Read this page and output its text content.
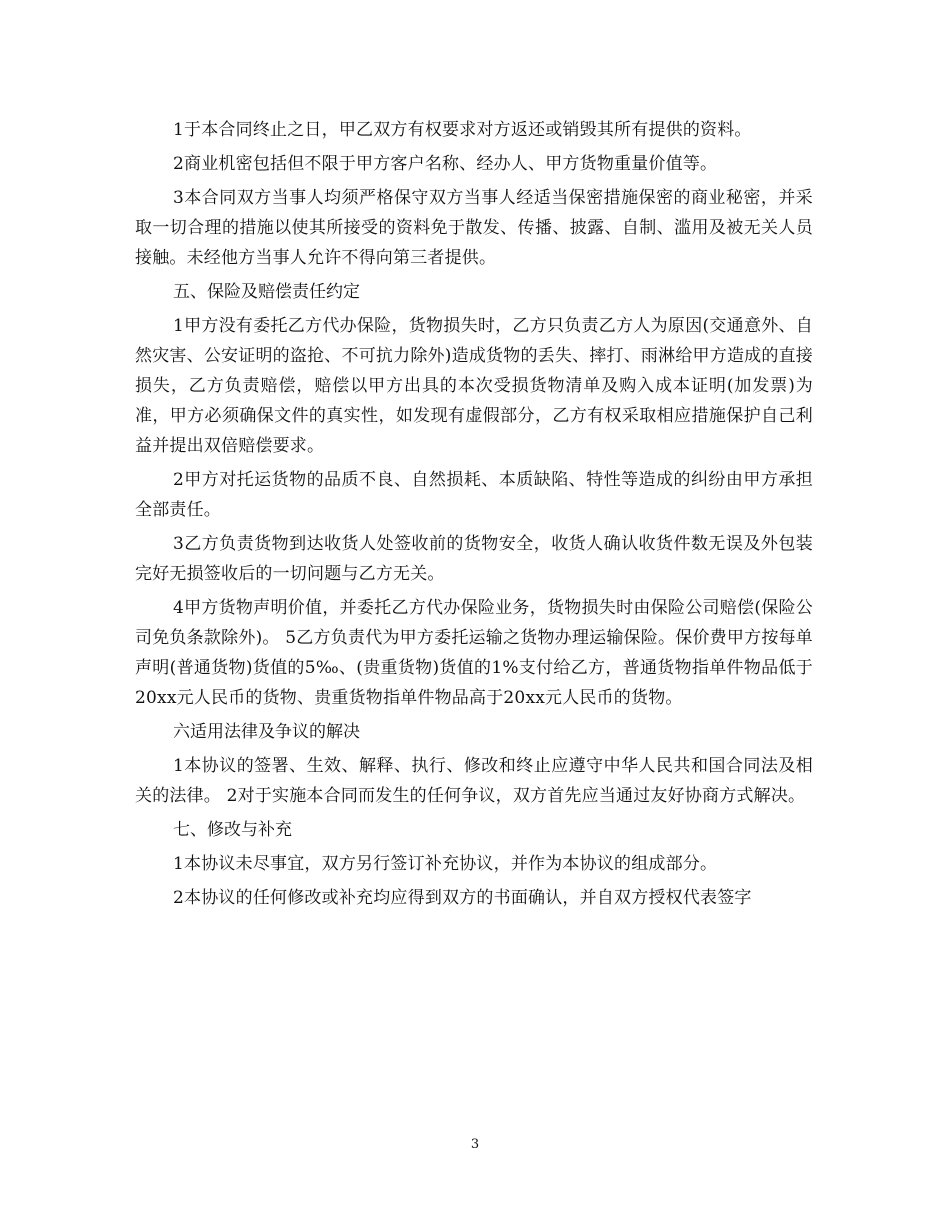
1于本合同终止之日，甲乙双方有权要求对方返还或销毁其所有提供的资料。

2商业机密包括但不限于甲方客户名称、经办人、甲方货物重量价值等。

3本合同双方当事人均须严格保守双方当事人经适当保密措施保密的商业秘密，并采取一切合理的措施以使其所接受的资料免于散发、传播、披露、自制、滥用及被无关人员接触。未经他方当事人允许不得向第三者提供。

五、保险及赔偿责任约定

1甲方没有委托乙方代办保险，货物损失时，乙方只负责乙方人为原因(交通意外、自然灾害、公安证明的盗抢、不可抗力除外)造成货物的丢失、摔打、雨淋给甲方造成的直接损失，乙方负责赔偿，赔偿以甲方出具的本次受损货物清单及购入成本证明(加发票)为准，甲方必须确保文件的真实性，如发现有虚假部分，乙方有权采取相应措施保护自己利益并提出双倍赔偿要求。

2甲方对托运货物的品质不良、自然损耗、本质缺陷、特性等造成的纠纷由甲方承担全部责任。

3乙方负责货物到达收货人处签收前的货物安全，收货人确认收货件数无误及外包装完好无损签收后的一切问题与乙方无关。

4甲方货物声明价值，并委托乙方代办保险业务，货物损失时由保险公司赔偿(保险公司免负条款除外)。 5乙方负责代为甲方委托运输之货物办理运输保险。保价费甲方按每单声明(普通货物)货值的5‰、(贵重货物)货值的1%支付给乙方，普通货物指单件物品低于20xx元人民币的货物、贵重货物指单件物品高于20xx元人民币的货物。

六适用法律及争议的解决

1本协议的签署、生效、解释、执行、修改和终止应遵守中华人民共和国合同法及相关的法律。 2对于实施本合同而发生的任何争议，双方首先应当通过友好协商方式解决。

七、修改与补充

1本协议未尽事宜，双方另行签订补充协议，并作为本协议的组成部分。

2本协议的任何修改或补充均应得到双方的书面确认，并自双方授权代表签字

3
